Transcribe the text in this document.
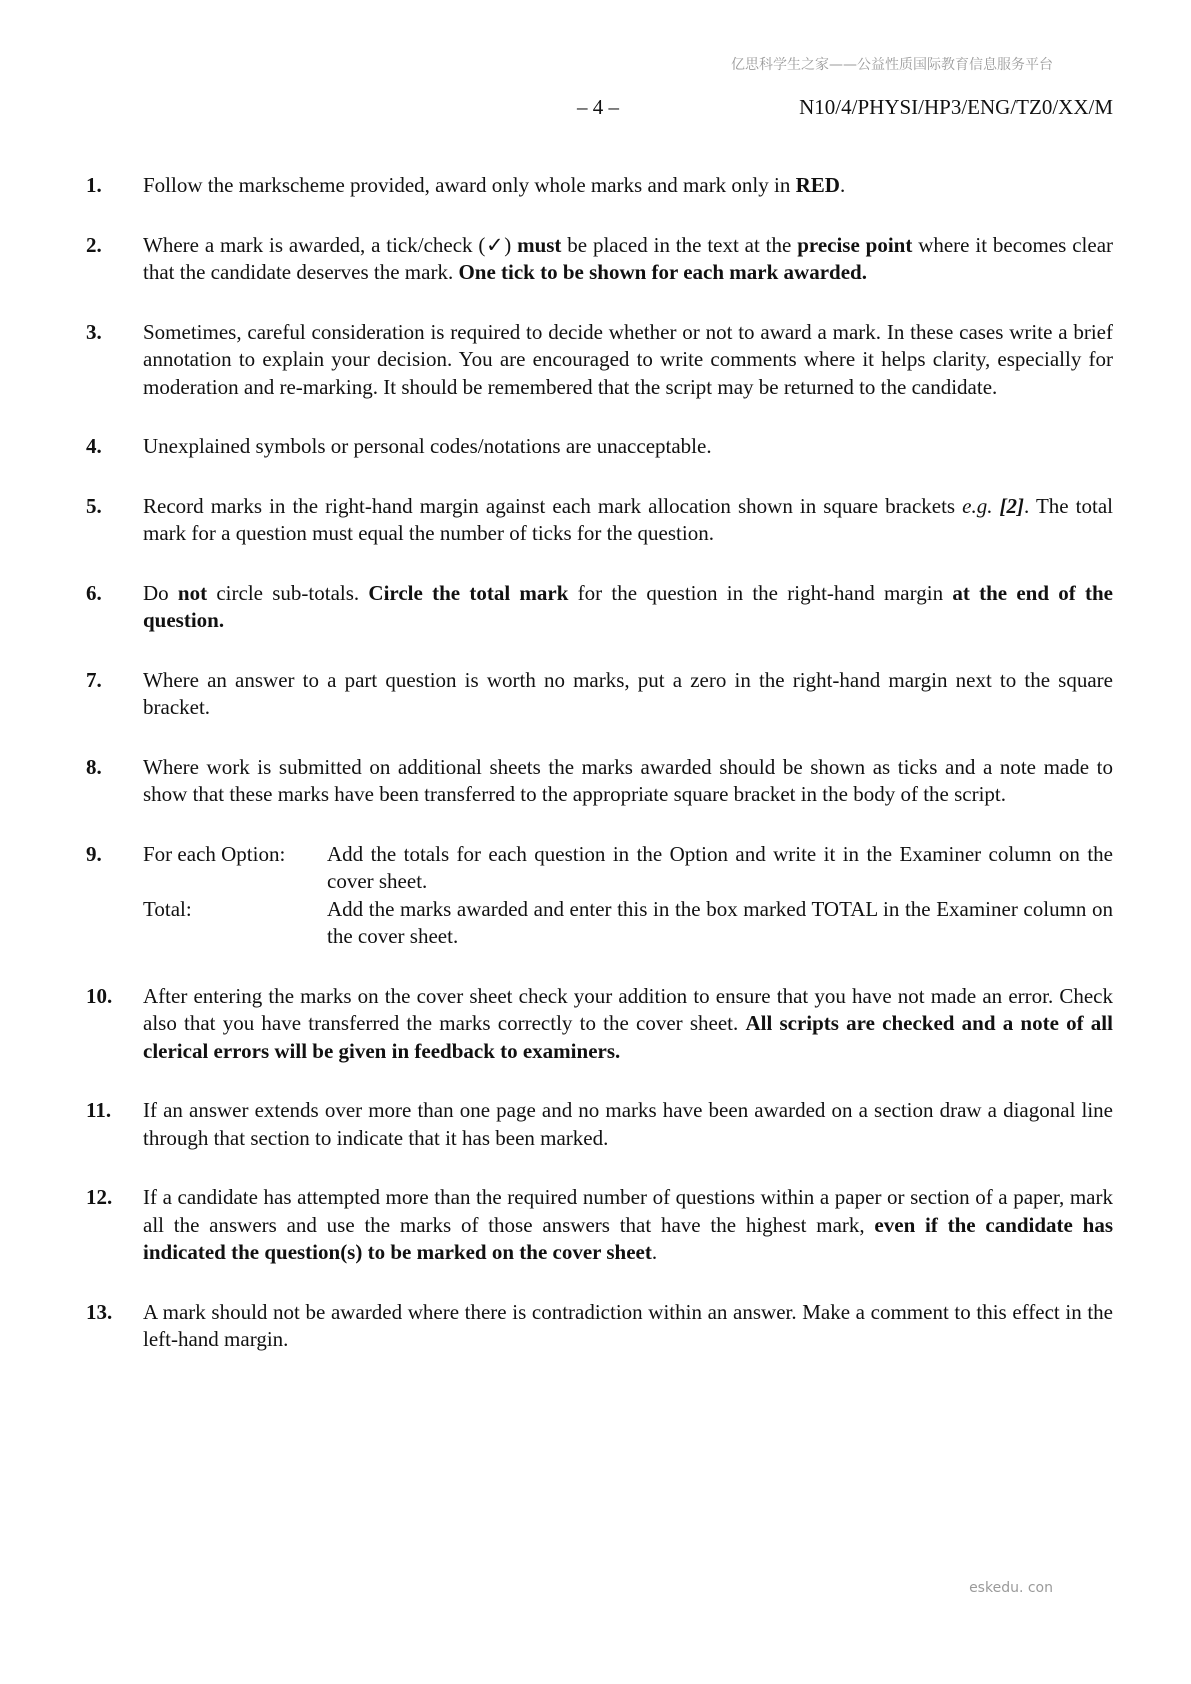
亿思科学生之家——公益性质国际教育信息服务平台
– 4 –	N10/4/PHYSI/HP3/ENG/TZ0/XX/M
1.	Follow the markscheme provided, award only whole marks and mark only in RED.
2.	Where a mark is awarded, a tick/check (✓) must be placed in the text at the precise point where it becomes clear that the candidate deserves the mark. One tick to be shown for each mark awarded.
3.	Sometimes, careful consideration is required to decide whether or not to award a mark. In these cases write a brief annotation to explain your decision. You are encouraged to write comments where it helps clarity, especially for moderation and re-marking. It should be remembered that the script may be returned to the candidate.
4.	Unexplained symbols or personal codes/notations are unacceptable.
5.	Record marks in the right-hand margin against each mark allocation shown in square brackets e.g. [2]. The total mark for a question must equal the number of ticks for the question.
6.	Do not circle sub-totals. Circle the total mark for the question in the right-hand margin at the end of the question.
7.	Where an answer to a part question is worth no marks, put a zero in the right-hand margin next to the square bracket.
8.	Where work is submitted on additional sheets the marks awarded should be shown as ticks and a note made to show that these marks have been transferred to the appropriate square bracket in the body of the script.
9.	For each Option:	Add the totals for each question in the Option and write it in the Examiner column on the cover sheet.
Total:	Add the marks awarded and enter this in the box marked TOTAL in the Examiner column on the cover sheet.
10.	After entering the marks on the cover sheet check your addition to ensure that you have not made an error. Check also that you have transferred the marks correctly to the cover sheet. All scripts are checked and a note of all clerical errors will be given in feedback to examiners.
11.	If an answer extends over more than one page and no marks have been awarded on a section draw a diagonal line through that section to indicate that it has been marked.
12.	If a candidate has attempted more than the required number of questions within a paper or section of a paper, mark all the answers and use the marks of those answers that have the highest mark, even if the candidate has indicated the question(s) to be marked on the cover sheet.
13.	A mark should not be awarded where there is contradiction within an answer. Make a comment to this effect in the left-hand margin.
eskedu. con
